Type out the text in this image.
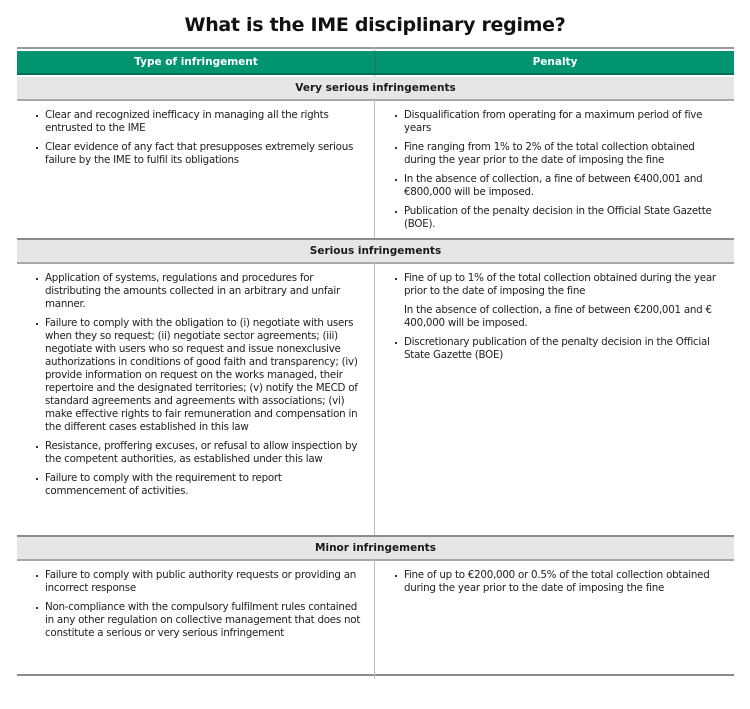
What is the IME disciplinary regime?
Type of infringement	Penalty
Very serious infringements
Clear and recognized inefficacy in managing all the rights entrusted to the IME
Clear evidence of any fact that presupposes extremely serious failure by the IME to fulfil its obligations
Disqualification from operating for a maximum period of five years
Fine ranging from 1% to 2% of the total collection obtained during the year prior to the date of imposing the fine
In the absence of collection, a fine of between €400,001 and €800,000 will be imposed.
Publication of the penalty decision in the Official State Gazette (BOE).
Serious infringements
Application of systems, regulations and procedures for distributing the amounts collected in an arbitrary and unfair manner.
Failure to comply with the obligation to (i) negotiate with users when they so request; (ii) negotiate sector agreements; (iii) negotiate with users who so request and issue nonexclusive authorizations in conditions of good faith and transparency; (iv) provide information on request on the works managed, their repertoire and the designated territories; (v) notify the MECD of standard agreements and agreements with associations; (vi) make effective rights to fair remuneration and compensation in the different cases established in this law
Resistance, proffering excuses, or refusal to allow inspection by the competent authorities, as established under this law
Failure to comply with the requirement to report commencement of activities.
Fine of up to 1% of the total collection obtained during the year prior to the date of imposing the fine
In the absence of collection, a fine of between €200,001 and € 400,000 will be imposed.
Discretionary publication of the penalty decision in the Official State Gazette (BOE)
Minor infringements
Failure to comply with public authority requests or providing an incorrect response
Non-compliance with the compulsory fulfilment rules contained in any other regulation on collective management that does not constitute a serious or very serious infringement
Fine of up to €200,000 or 0.5% of the total collection obtained during the year prior to the date of imposing the fine
